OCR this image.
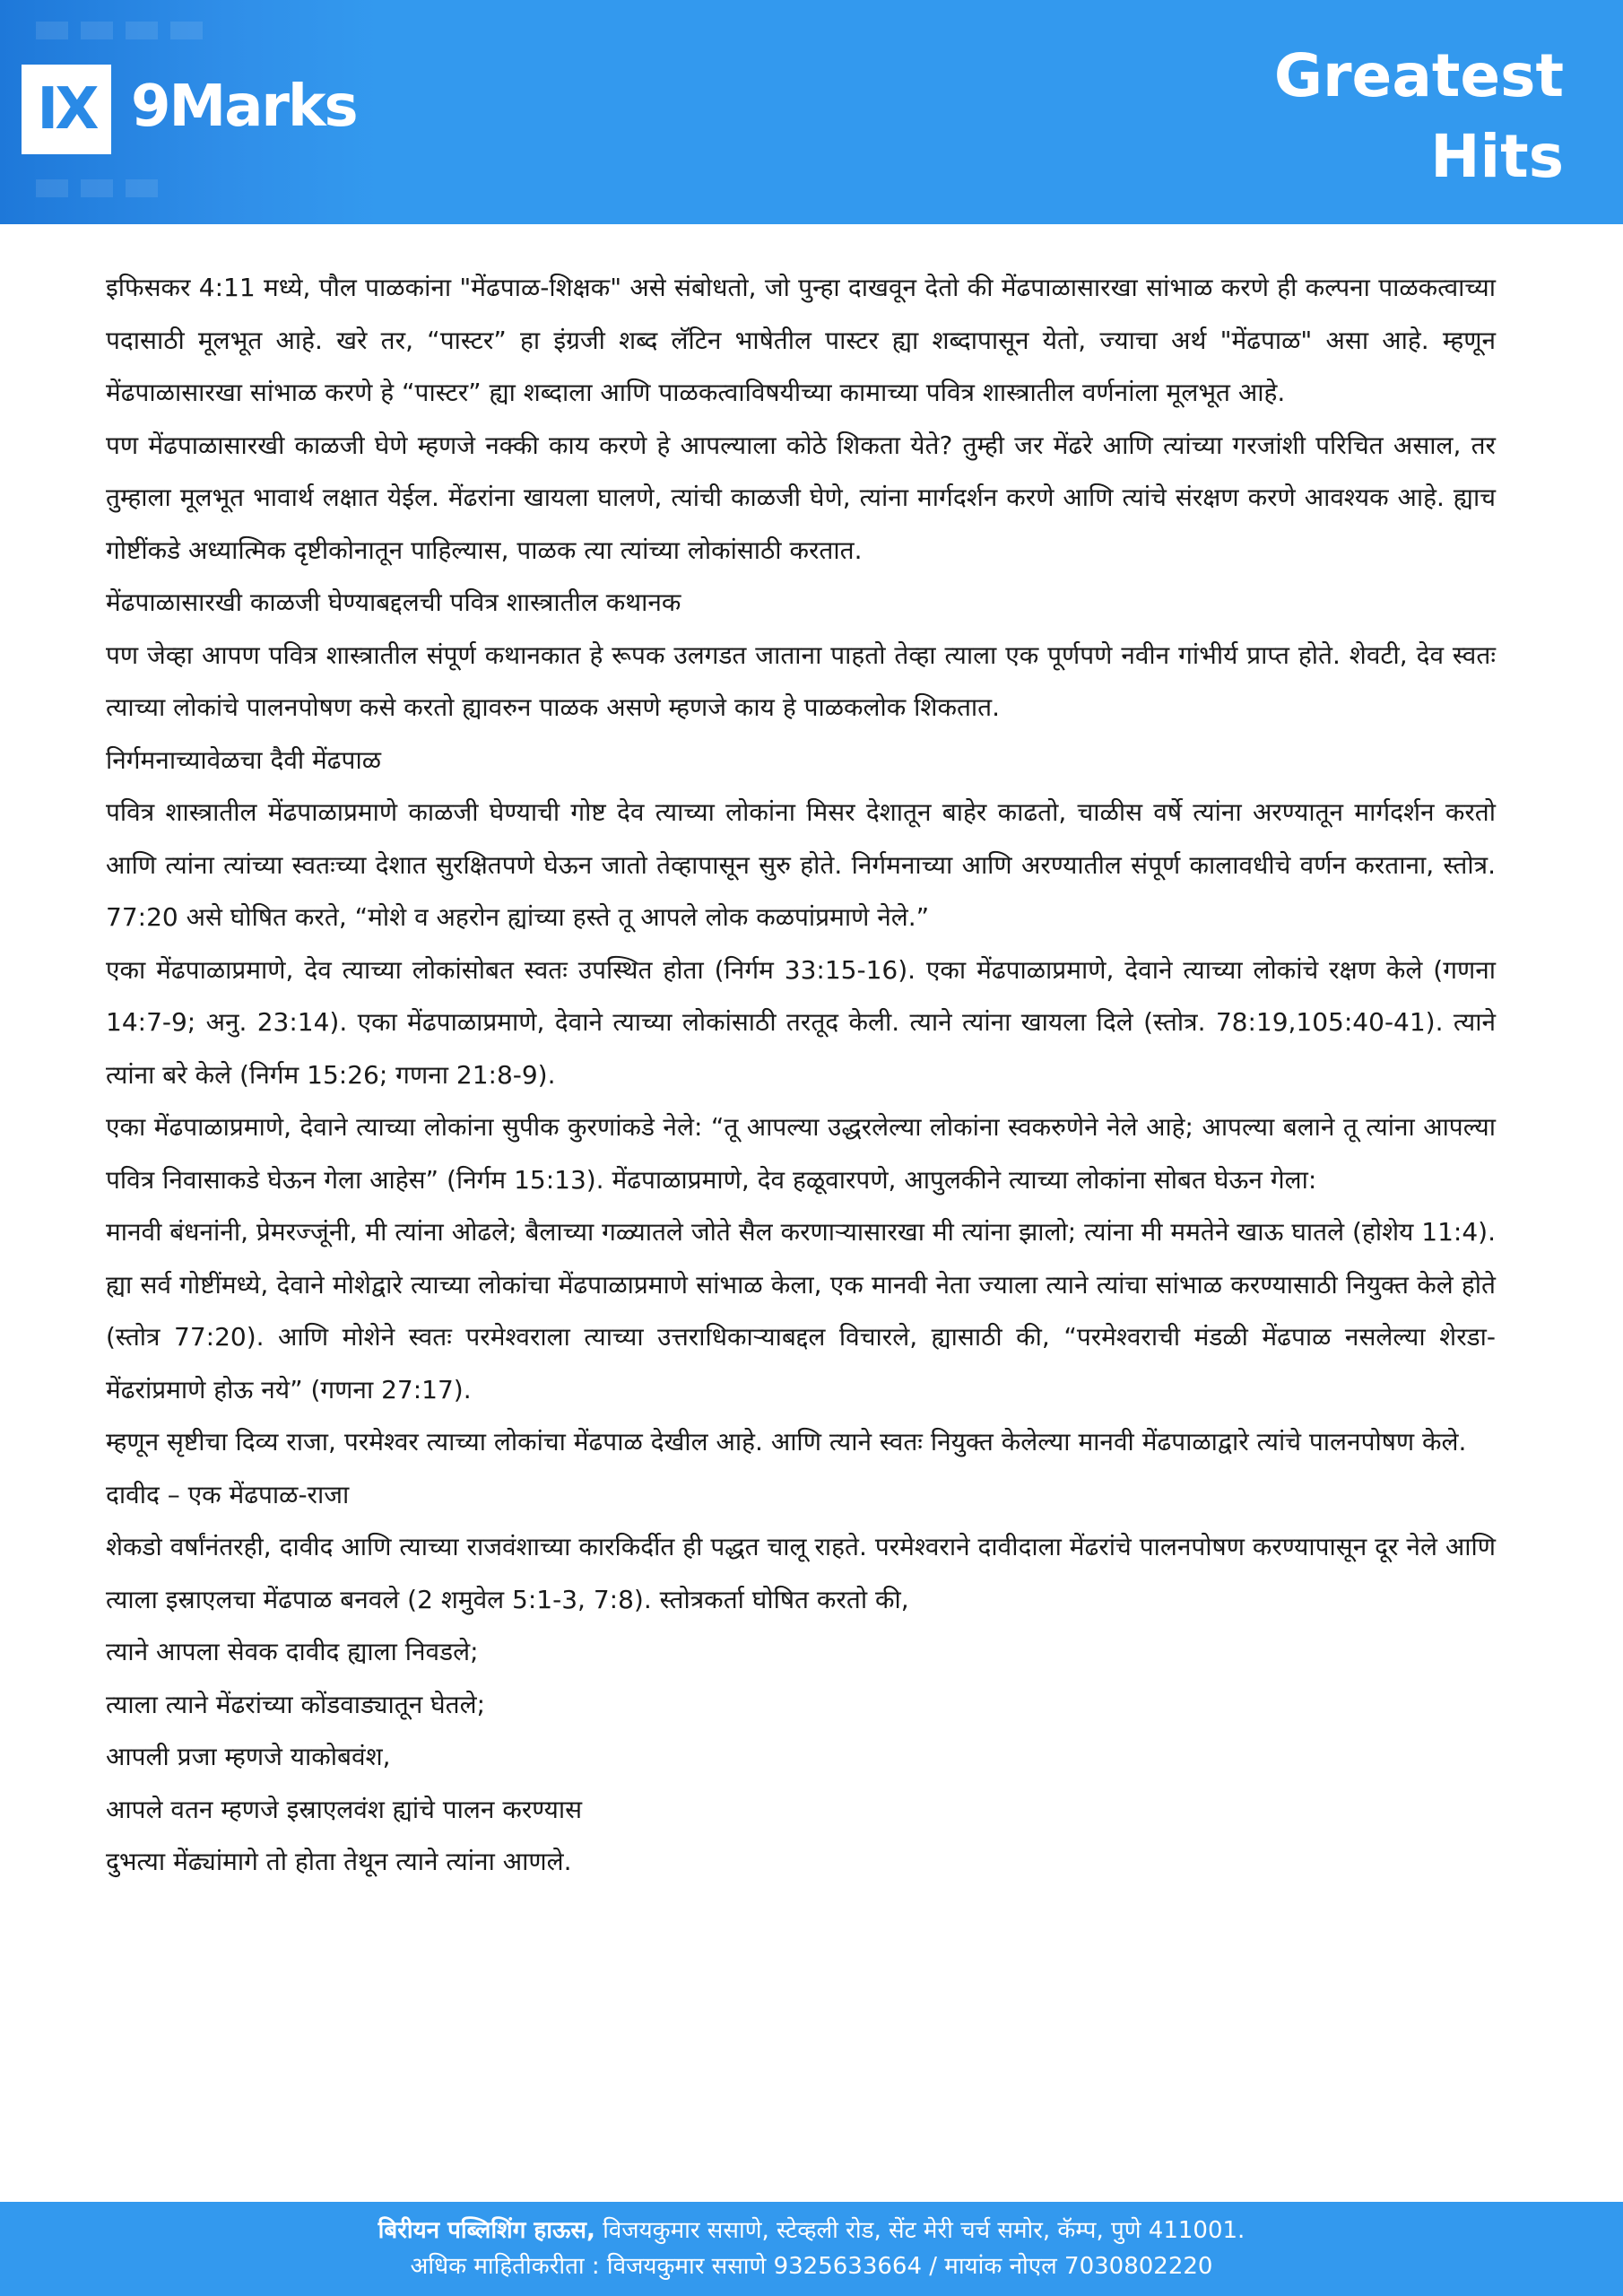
IX 9Marks	Greatest
Hits

इफिसकर 4:11 मध्ये, पौल पाळकांना "मेंढपाळ-शिक्षक" असे संबोधतो, जो पुन्हा दाखवून देतो की मेंढपाळासारखा सांभाळ करणे ही कल्पना पाळकत्वाच्या पदासाठी मूलभूत आहे. खरे तर, “पास्टर” हा इंग्रजी शब्द लॅटिन भाषेतील पास्टर ह्या शब्दापासून येतो, ज्याचा अर्थ "मेंढपाळ" असा आहे. म्हणून मेंढपाळासारखा सांभाळ करणे हे “पास्टर” ह्या शब्दाला आणि पाळकत्वाविषयीच्या कामाच्या पवित्र शास्त्रातील वर्णनांला मूलभूत आहे.

पण मेंढपाळासारखी काळजी घेणे म्हणजे नक्की काय करणे हे आपल्याला कोठे शिकता येते? तुम्ही जर मेंढरे आणि त्यांच्या गरजांशी परिचित असाल, तर तुम्हाला मूलभूत भावार्थ लक्षात येईल. मेंढरांना खायला घालणे, त्यांची काळजी घेणे, त्यांना मार्गदर्शन करणे आणि त्यांचे संरक्षण करणे आवश्यक आहे. ह्याच गोष्टींकडे अध्यात्मिक दृष्टीकोनातून पाहिल्यास, पाळक त्या त्यांच्या लोकांसाठी करतात.

मेंढपाळासारखी काळजी घेण्याबद्दलची पवित्र शास्त्रातील कथानक

पण जेव्हा आपण पवित्र शास्त्रातील संपूर्ण कथानकात हे रूपक उलगडत जाताना पाहतो तेव्हा त्याला एक पूर्णपणे नवीन गांभीर्य प्राप्त होते. शेवटी, देव स्वतः त्याच्या लोकांचे पालनपोषण कसे करतो ह्यावरुन पाळक असणे म्हणजे काय हे पाळकलोक शिकतात.

निर्गमनाच्यावेळचा दैवी मेंढपाळ

पवित्र शास्त्रातील मेंढपाळाप्रमाणे काळजी घेण्याची गोष्ट देव त्याच्या लोकांना मिसर देशातून बाहेर काढतो, चाळीस वर्षे त्यांना अरण्यातून मार्गदर्शन करतो आणि त्यांना त्यांच्या स्वतःच्या देशात सुरक्षितपणे घेऊन जातो तेव्हापासून सुरु होते. निर्गमनाच्या आणि अरण्यातील संपूर्ण कालावधीचे वर्णन करताना, स्तोत्र. 77:20 असे घोषित करते, “मोशे व अहरोन ह्यांच्या हस्ते तू आपले लोक कळपांप्रमाणे नेले.”

एका मेंढपाळाप्रमाणे, देव त्याच्या लोकांसोबत स्वतः उपस्थित होता (निर्गम 33:15-16). एका मेंढपाळाप्रमाणे, देवाने त्याच्या लोकांचे रक्षण केले (गणना 14:7-9; अनु. 23:14). एका मेंढपाळाप्रमाणे, देवाने त्याच्या लोकांसाठी तरतूद केली. त्याने त्यांना खायला दिले (स्तोत्र. 78:19,105:40-41). त्याने त्यांना बरे केले (निर्गम 15:26; गणना 21:8-9).

एका मेंढपाळाप्रमाणे, देवाने त्याच्या लोकांना सुपीक कुरणांकडे नेले: “तू आपल्या उद्धरलेल्या लोकांना स्वकरुणेने नेले आहे; आपल्या बलाने तू त्यांना आपल्या पवित्र निवासाकडे घेऊन गेला आहेस” (निर्गम 15:13). मेंढपाळाप्रमाणे, देव हळूवारपणे, आपुलकीने त्याच्या लोकांना सोबत घेऊन गेला:

मानवी बंधनांनी, प्रेमरज्जूंनी, मी त्यांना ओढले; बैलाच्या गळ्यातले जोते सैल करणाऱ्यासारखा मी त्यांना झालो; त्यांना मी ममतेने खाऊ घातले (होशेय 11:4). ह्या सर्व गोष्टींमध्ये, देवाने मोशेद्वारे त्याच्या लोकांचा मेंढपाळाप्रमाणे सांभाळ केला, एक मानवी नेता ज्याला त्याने त्यांचा सांभाळ करण्यासाठी नियुक्त केले होते (स्तोत्र 77:20). आणि मोशेने स्वतः परमेश्वराला त्याच्या उत्तराधिकाऱ्याबद्दल विचारले, ह्यासाठी की, “परमेश्वराची मंडळी मेंढपाळ नसलेल्या शेरडा-मेंढरांप्रमाणे होऊ नये” (गणना 27:17).

म्हणून सृष्टीचा दिव्य राजा, परमेश्वर त्याच्या लोकांचा मेंढपाळ देखील आहे. आणि त्याने स्वतः नियुक्त केलेल्या मानवी मेंढपाळाद्वारे त्यांचे पालनपोषण केले.

दावीद – एक मेंढपाळ-राजा

शेकडो वर्षांनंतरही, दावीद आणि त्याच्या राजवंशाच्या कारकिर्दीत ही पद्धत चालू राहते. परमेश्वराने दावीदाला मेंढरांचे पालनपोषण करण्यापासून दूर नेले आणि त्याला इस्राएलचा मेंढपाळ बनवले (2 शमुवेल 5:1-3, 7:8). स्तोत्रकर्ता घोषित करतो की,

त्याने आपला सेवक दावीद ह्याला निवडले;

त्याला त्याने मेंढरांच्या कोंडवाड्यातून घेतले;

आपली प्रजा म्हणजे याकोबवंश,

आपले वतन म्हणजे इस्राएलवंश ह्यांचे पालन करण्यास

दुभत्या मेंढ्यांमागे तो होता तेथून त्याने त्यांना आणले.

बिरीयन पब्लिशिंग हाऊस, विजयकुमार ससाणे, स्टेव्हली रोड, सेंट मेरी चर्च समोर, कॅम्प, पुणे 411001.
अधिक माहितीकरीता : विजयकुमार ससाणे 9325633664 / मायांक नोएल 7030802220
